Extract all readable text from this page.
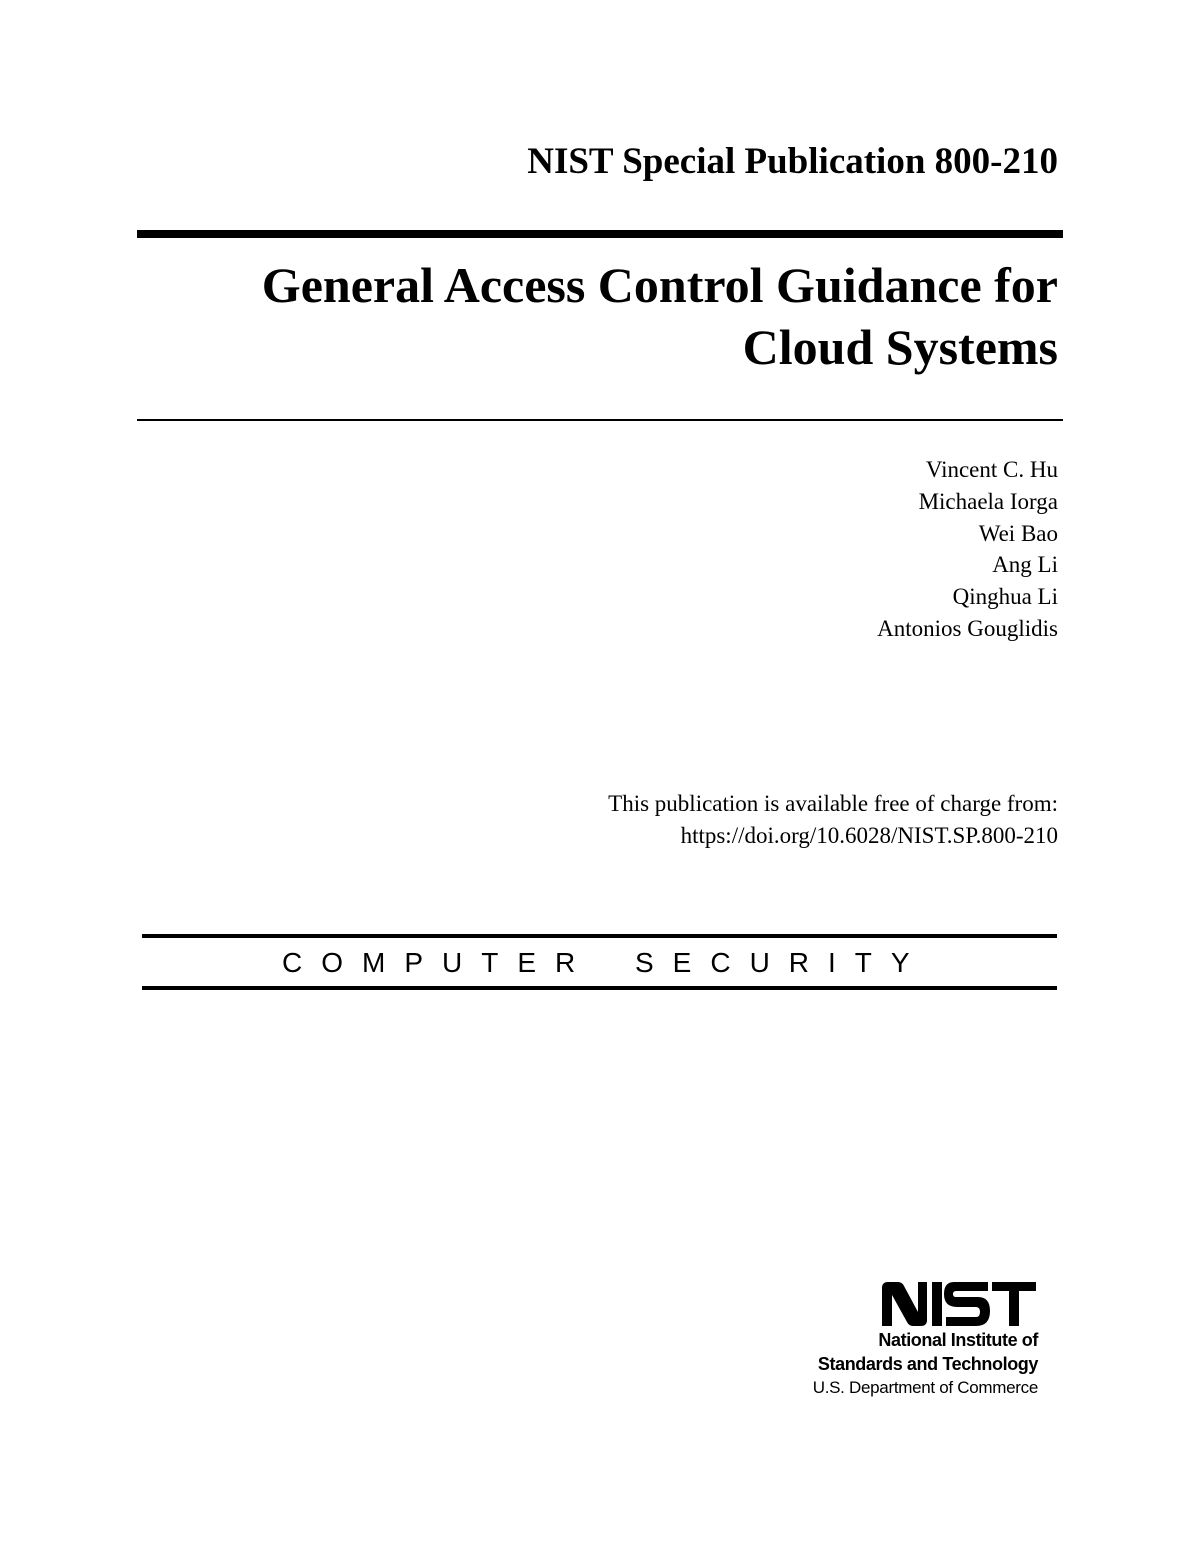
NIST Special Publication 800-210
General Access Control Guidance for
Cloud Systems
Vincent C. Hu
Michaela Iorga
Wei Bao
Ang Li
Qinghua Li
Antonios Gouglidis
This publication is available free of charge from:
https://doi.org/10.6028/NIST.SP.800-210
COMPUTER SECURITY
National Institute of
Standards and Technology
U.S. Department of Commerce
